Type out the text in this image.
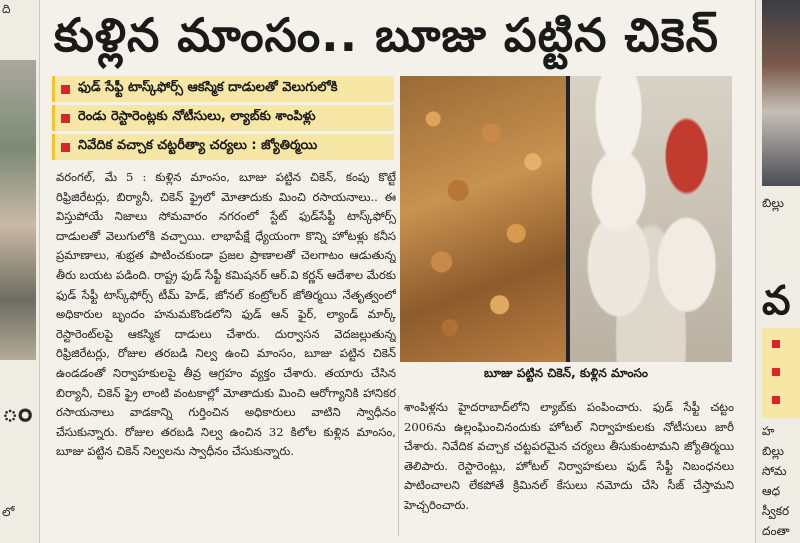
ది
ం
లో
కుళ్లిన మాంసం.. బూజు పట్టిన చికెన్
ఫుడ్ సేఫ్టీ టాస్క్‌ఫోర్స్ ఆకస్మిక దాడులతో వెలుగులోకి
రెండు రెస్టారెంట్లకు నోటీసులు, ల్యాబ్‌కు శాంపిళ్లు
నివేదిక వచ్చాక చట్టరీత్యా చర్యలు : జ్యోతిర్మయి
వరంగల్, మే 5 : కుళ్లిన మాంసం, బూజు పట్టిన చికెన్, కంపు కొట్టే రిఫ్రిజిరేటర్లు, బిర్యానీ, చికెన్ ఫ్రైలో మోతాదుకు మించి రసాయనాలు.. ఈ విస్తుపోయే నిజాలు సోమవారం నగరంలో స్టేట్ ఫుడ్‌సేఫ్టీ టాస్క్‌ఫోర్స్ దాడులతో వెలుగులోకి వచ్చాయి. లాభాపేక్షే ధ్యేయంగా కొన్ని హోటళ్లు కనీస ప్రమాణాలు, శుభ్రత పాటించకుండా ప్రజల ప్రాణాలతో చెలగాటం ఆడుతున్న తీరు బయట పడింది. రాష్ట్ర ఫుడ్ సేఫ్టీ కమిషనర్ ఆర్.వి కర్ణన్ ఆదేశాల మేరకు ఫుడ్ సేఫ్టీ టాస్క్‌ఫోర్స్ టీమ్ హెడ్, జోనల్ కంట్రోలర్ జోతిర్మయి నేతృత్వంలో అధికారుల బృందం హనుమకొండలోని ఫుడ్ ఆన్ ఫైర్, ల్యాండ్ మార్క్ రెస్టారెంట్‌లపై ఆకస్మిక దాడులు చేశారు. దుర్వాసన వెదజల్లుతున్న రిఫ్రిజిరేటర్లు, రోజుల తరబడి నిల్వ ఉంచి మాంసం, బూజు పట్టిన చికెన్ ఉండడంతో నిర్వాహకులపై తీవ్ర ఆగ్రహం వ్యక్తం చేశారు. తయారు చేసిన బిర్యానీ, చికెన్ ఫ్రై లాంటి వంటకాల్లో మోతాదుకు మించి ఆరోగ్యానికి హానికర రసాయనాలు వాడకాన్ని గుర్తించిన అధికారులు వాటిని స్వాధీనం చేసుకున్నారు. రోజుల తరబడి నిల్వ ఉంచిన 32 కిలోల కుళ్లిన మాంసం, బూజు పట్టిన చికెన్ నిల్వలను స్వాధీనం చేసుకున్నారు.
బూజు పట్టిన చికెన్, కుళ్లిన మాంసం
శాంపిళ్లను హైదరాబాద్‌లోని ల్యాబ్‌కు పంపించారు. ఫుడ్ సేఫ్టీ చట్టం 2006ను ఉల్లంఘించినందుకు హోటల్ నిర్వాహకులకు నోటీసులు జారీ చేశారు. నివేదిక వచ్చాక చట్టపరమైన చర్యలు తీసుకుంటామని జ్యోతిర్మయి తెలిపారు. రెస్టారెంట్లు, హోటల్ నిర్వాహకులు ఫుడ్ సేఫ్టీ నిబంధనలు పాటించాలని లేకపోతే క్రిమినల్ కేసులు నమోదు చేసి సీజ్ చేస్తామని హెచ్చరించారు.
బిల్లు
వ
హ
బిల్లు
సోమ
ఆధ
స్వీకర
దంతా
